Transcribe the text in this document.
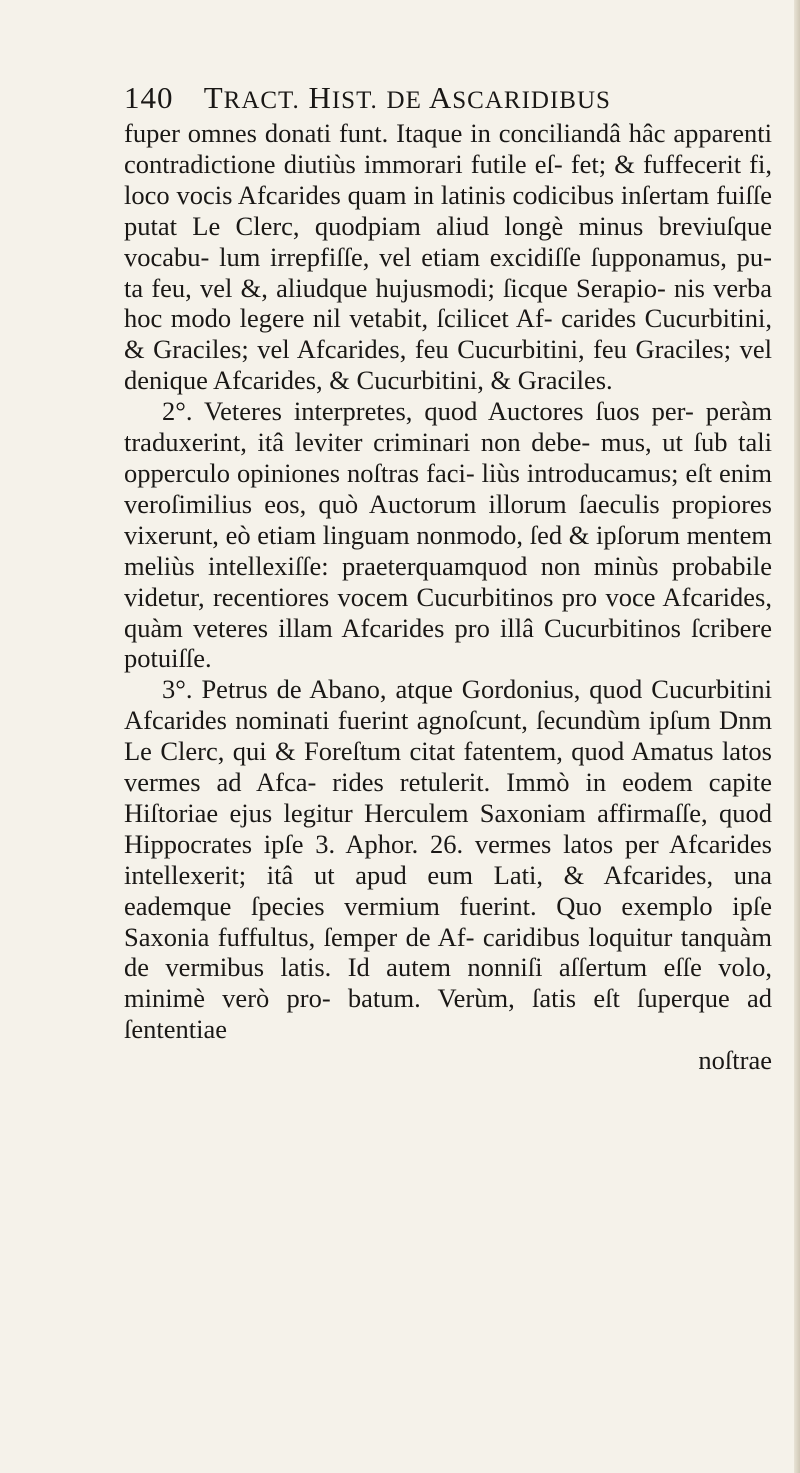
140 TRACT. HIST. DE ASCARIDIBUS

fuper omnes donati funt. Itaque in conciliandâ hâc apparenti contradictione diutiùs immorari futile eſ- fet; & fuffecerit fi, loco vocis Afcarides quam in latinis codicibus inſertam fuiſſe putat Le Clerc, quodpiam aliud longè minus breviuſque vocabu- lum irrepfiſſe, vel etiam excidiſſe ſupponamus, pu- ta feu, vel &, aliudque hujusmodi; ſicque Serapio- nis verba hoc modo legere nil vetabit, ſcilicet Af- carides Cucurbitini, & Graciles; vel Afcarides, feu Cucurbitini, feu Graciles; vel denique Afcarides, & Cucurbitini, & Graciles.

2°. Veteres interpretes, quod Auctores ſuos per- peràm traduxerint, itâ leviter criminari non debe- mus, ut ſub tali opperculo opiniones noſtras faci- liùs introducamus; eſt enim veroſimilius eos, quò Auctorum illorum ſaeculis propiores vixerunt, eò etiam linguam nonmodo, ſed & ipſorum mentem meliùs intellexiſſe: praeterquamquod non minùs probabile videtur, recentiores vocem Cucurbitinos pro voce Afcarides, quàm veteres illam Afcarides pro illâ Cucurbitinos ſcribere potuiſſe.

3°. Petrus de Abano, atque Gordonius, quod Cucurbitini Afcarides nominati fuerint agnoſcunt, ſecundùm ipſum Dnm Le Clerc, qui & Foreſtum citat fatentem, quod Amatus latos vermes ad Afca- rides retulerit. Immò in eodem capite Hiſtoriae ejus legitur Herculem Saxoniam affirmaſſe, quod Hippocrates ipſe 3. Aphor. 26. vermes latos per Afcarides intellexerit; itâ ut apud eum Lati, & Afcarides, una eademque ſpecies vermium fuerint. Quo exemplo ipſe Saxonia fuffultus, ſemper de Af- caridibus loquitur tanquàm de vermibus latis. Id autem nonniſi aſſertum eſſe volo, minimè verò pro- batum. Verùm, ſatis eſt ſuperque ad ſententiae

noſtrae
